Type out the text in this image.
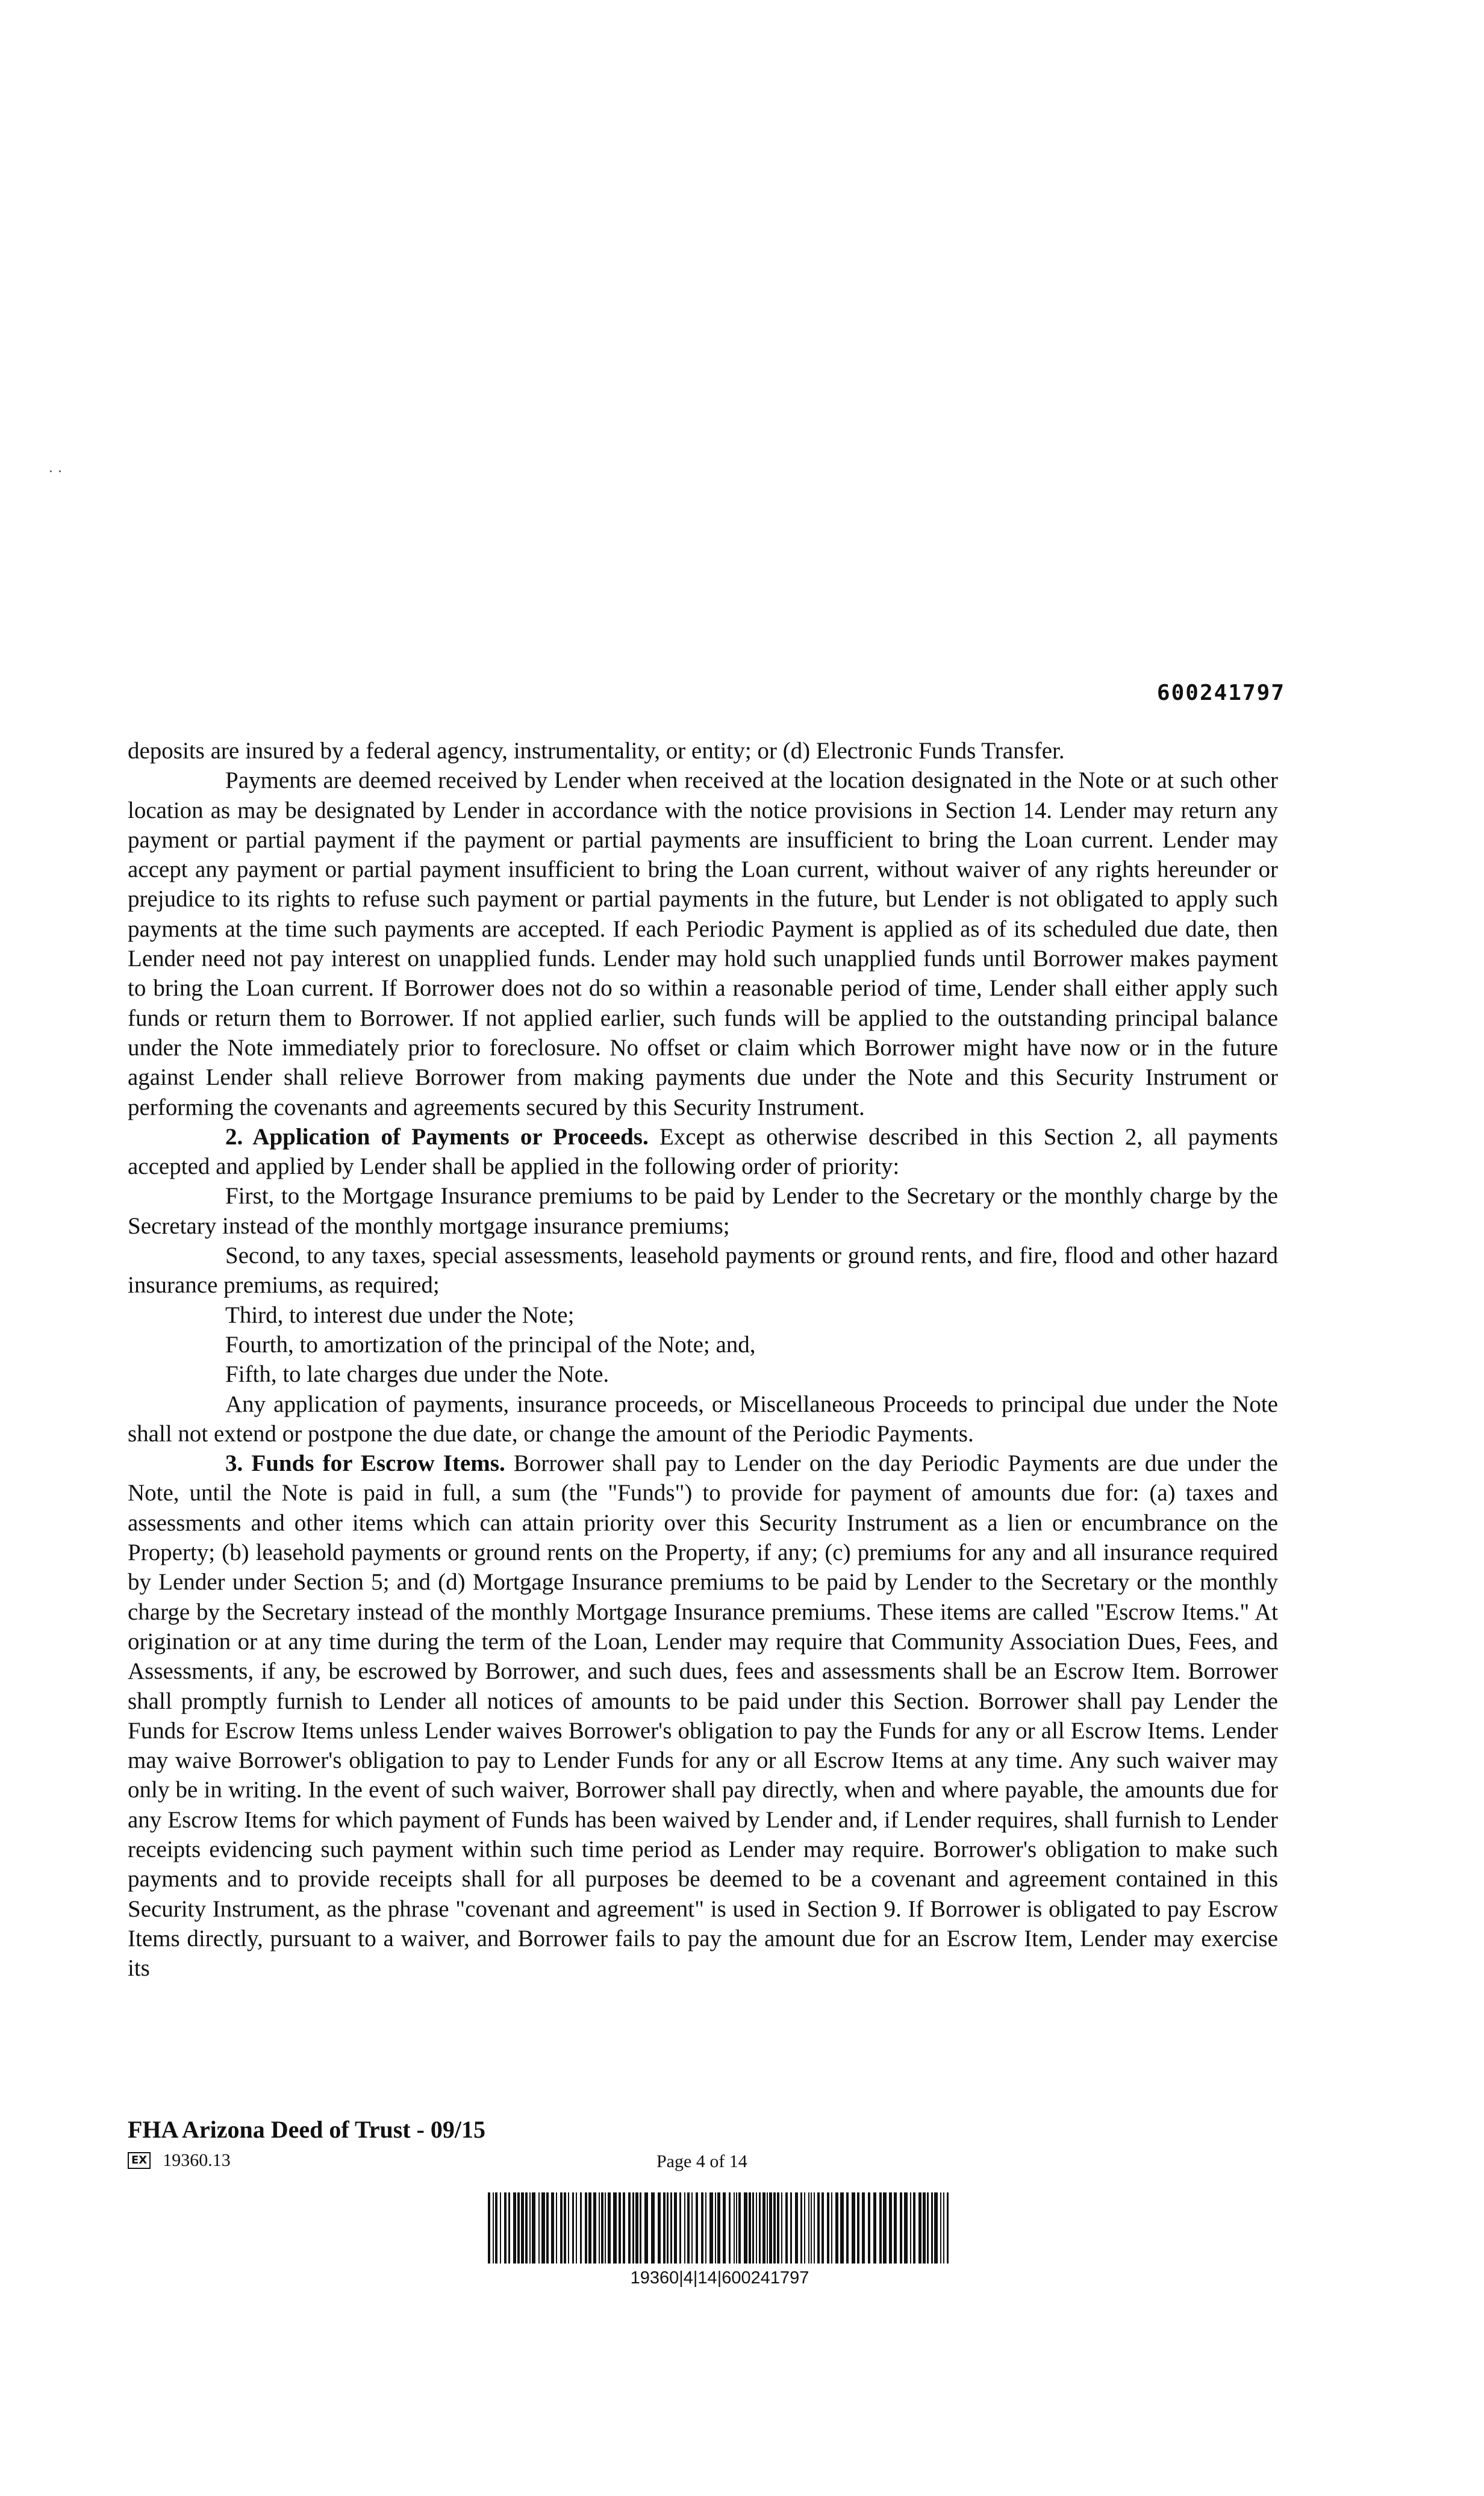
· ·
600241797

deposits are insured by a federal agency, instrumentality, or entity; or (d) Electronic Funds Transfer.

Payments are deemed received by Lender when received at the location designated in the Note or at such other location as may be designated by Lender in accordance with the notice provisions in Section 14. Lender may return any payment or partial payment if the payment or partial payments are insufficient to bring the Loan current. Lender may accept any payment or partial payment insufficient to bring the Loan current, without waiver of any rights hereunder or prejudice to its rights to refuse such payment or partial payments in the future, but Lender is not obligated to apply such payments at the time such payments are accepted. If each Periodic Payment is applied as of its scheduled due date, then Lender need not pay interest on unapplied funds. Lender may hold such unapplied funds until Borrower makes payment to bring the Loan current. If Borrower does not do so within a reasonable period of time, Lender shall either apply such funds or return them to Borrower. If not applied earlier, such funds will be applied to the outstanding principal balance under the Note immediately prior to foreclosure. No offset or claim which Borrower might have now or in the future against Lender shall relieve Borrower from making payments due under the Note and this Security Instrument or performing the covenants and agreements secured by this Security Instrument.

2. Application of Payments or Proceeds. Except as otherwise described in this Section 2, all payments accepted and applied by Lender shall be applied in the following order of priority:

First, to the Mortgage Insurance premiums to be paid by Lender to the Secretary or the monthly charge by the Secretary instead of the monthly mortgage insurance premiums;

Second, to any taxes, special assessments, leasehold payments or ground rents, and fire, flood and other hazard insurance premiums, as required;

Third, to interest due under the Note;

Fourth, to amortization of the principal of the Note; and,

Fifth, to late charges due under the Note.

Any application of payments, insurance proceeds, or Miscellaneous Proceeds to principal due under the Note shall not extend or postpone the due date, or change the amount of the Periodic Payments.

3. Funds for Escrow Items. Borrower shall pay to Lender on the day Periodic Payments are due under the Note, until the Note is paid in full, a sum (the "Funds") to provide for payment of amounts due for: (a) taxes and assessments and other items which can attain priority over this Security Instrument as a lien or encumbrance on the Property; (b) leasehold payments or ground rents on the Property, if any; (c) premiums for any and all insurance required by Lender under Section 5; and (d) Mortgage Insurance premiums to be paid by Lender to the Secretary or the monthly charge by the Secretary instead of the monthly Mortgage Insurance premiums. These items are called "Escrow Items." At origination or at any time during the term of the Loan, Lender may require that Community Association Dues, Fees, and Assessments, if any, be escrowed by Borrower, and such dues, fees and assessments shall be an Escrow Item. Borrower shall promptly furnish to Lender all notices of amounts to be paid under this Section. Borrower shall pay Lender the Funds for Escrow Items unless Lender waives Borrower's obligation to pay the Funds for any or all Escrow Items. Lender may waive Borrower's obligation to pay to Lender Funds for any or all Escrow Items at any time. Any such waiver may only be in writing. In the event of such waiver, Borrower shall pay directly, when and where payable, the amounts due for any Escrow Items for which payment of Funds has been waived by Lender and, if Lender requires, shall furnish to Lender receipts evidencing such payment within such time period as Lender may require. Borrower's obligation to make such payments and to provide receipts shall for all purposes be deemed to be a covenant and agreement contained in this Security Instrument, as the phrase "covenant and agreement" is used in Section 9. If Borrower is obligated to pay Escrow Items directly, pursuant to a waiver, and Borrower fails to pay the amount due for an Escrow Item, Lender may exercise its

FHA Arizona Deed of Trust - 09/15
EX 19360.13	Page 4 of 14
19360|4|14|600241797
